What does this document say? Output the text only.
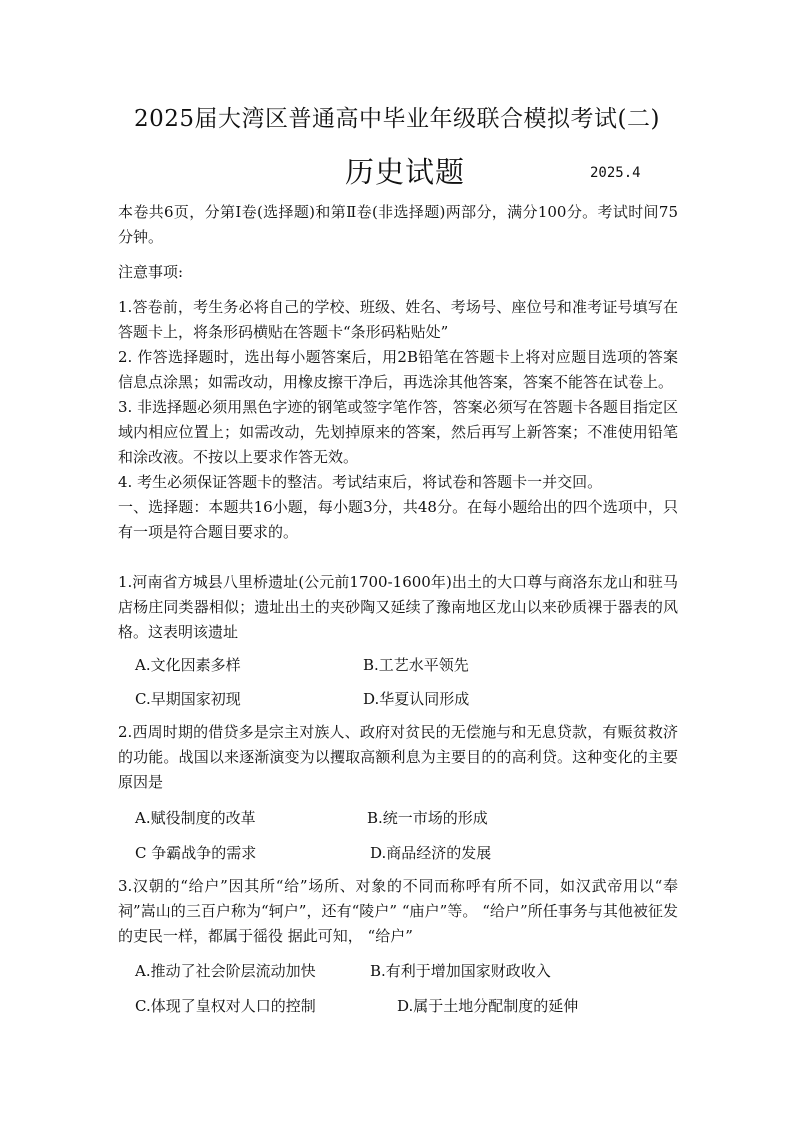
2025届大湾区普通高中毕业年级联合模拟考试(二)
历史试题	2025.4

本卷共6页，分第Ⅰ卷(选择题)和第Ⅱ卷(非选择题)两部分，满分100分。考试时间75 分钟。

注意事项:

1.答卷前，考生务必将自己的学校、班级、姓名、考场号、座位号和准考证号填写在答题卡上，将条形码横贴在答题卡“条形码粘贴处”

2. 作答选择题时，选出每小题答案后，用2B铅笔在答题卡上将对应题目选项的答案信息点涂黑；如需改动，用橡皮擦干净后，再选涂其他答案，答案不能答在试卷上。

3. 非选择题必须用黑色字迹的钢笔或签字笔作答，答案必须写在答题卡各题目指定区域内相应位置上；如需改动，先划掉原来的答案，然后再写上新答案；不准使用铅笔和涂改液。不按以上要求作答无效。

4. 考生必须保证答题卡的整洁。考试结束后，将试卷和答题卡一并交回。

一、选择题：本题共16小题，每小题3分，共48分。在每小题给出的四个选项中，只有一项是符合题目要求的。

1.河南省方城县八里桥遗址(公元前1700-1600年)出土的大口尊与商洛东龙山和驻马店杨庄同类器相似；遗址出土的夹砂陶又延续了豫南地区龙山以来砂质裸于器表的风格。这表明该遗址

A.文化因素多样	B.工艺水平领先
C.早期国家初现	D.华夏认同形成

2.西周时期的借贷多是宗主对族人、政府对贫民的无偿施与和无息贷款，有赈贫救济的功能。战国以来逐渐演变为以攫取高额利息为主要目的的高利贷。这种变化的主要原因是

A.赋役制度的改革	B.统一市场的形成
C 争霸战争的需求	D.商品经济的发展

3.汉朝的“给户”因其所“给”场所、对象的不同而称呼有所不同，如汉武帝用以“奉祠”嵩山的三百户称为“轲户”，还有“陵户” “庙户”等。 “给户”所任事务与其他被征发的吏民一样，都属于徭役 据此可知， “给户”

A.推动了社会阶层流动加快	B.有利于增加国家财政收入
C.体现了皇权对人口的控制	D.属于土地分配制度的延伸
